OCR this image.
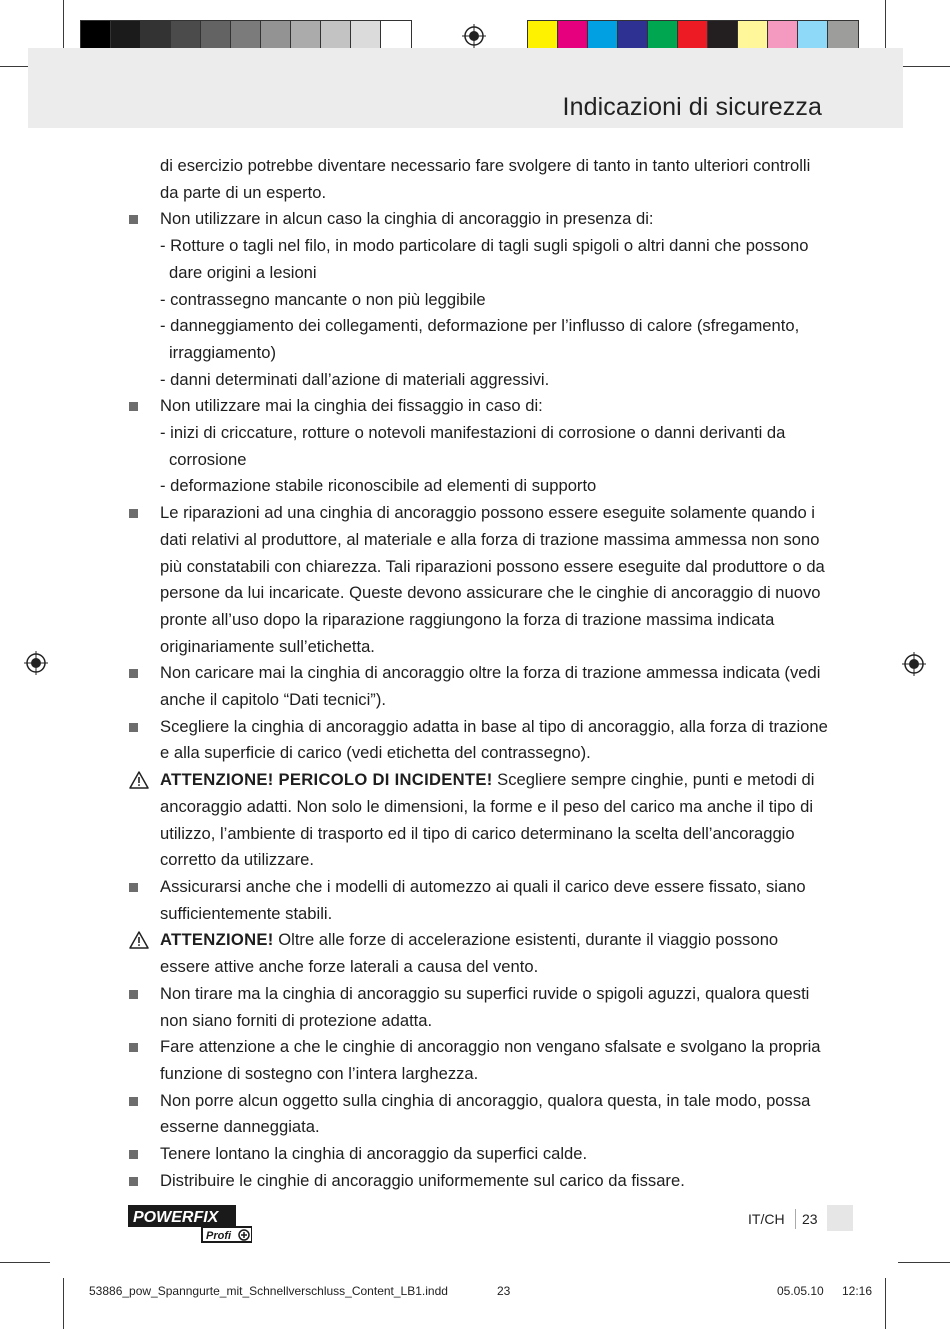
Indicazioni di sicurezza

di esercizio potrebbe diventare necessario fare svolgere di tanto in tanto ulteriori controlli da parte di un esperto.

Non utilizzare in alcun caso la cinghia di ancoraggio in presenza di:

- Rotture o tagli nel filo, in modo particolare di tagli sugli spigoli o altri danni che possono dare origini a lesioni

- contrassegno mancante o non più leggibile

- danneggiamento dei collegamenti, deformazione per l’influsso di calore (sfregamento, irraggiamento)

- danni determinati dall’azione di materiali aggressivi.

Non utilizzare mai la cinghia dei fissaggio in caso di:

- inizi di criccature, rotture o notevoli manifestazioni di corrosione o danni derivanti da corrosione

- deformazione stabile riconoscibile ad elementi di supporto

Le riparazioni ad una cinghia di ancoraggio possono essere eseguite solamente quando i dati relativi al produttore, al materiale e alla forza di trazione massima ammessa non sono più constatabili con chiarezza. Tali riparazioni possono essere eseguite dal produttore o da persone da lui incaricate. Queste devono assicurare che le cinghie di ancoraggio di nuovo pronte all’uso dopo la riparazione raggiungono la forza di trazione massima indicata originariamente sull’etichetta.
Non caricare mai la cinghia di ancoraggio oltre la forza di trazione ammessa indicata (vedi anche il capitolo “Dati tecnici”).
Scegliere la cinghia di ancoraggio adatta in base al tipo di ancoraggio, alla forza di trazione e alla superficie di carico (vedi etichetta del contrassegno).
ATTENZIONE! PERICOLO DI INCIDENTE! Scegliere sempre cinghie, punti e metodi di ancoraggio adatti. Non solo le dimensioni, la forme e il peso del carico ma anche il tipo di utilizzo, l’ambiente di trasporto ed il tipo di carico determinano la scelta dell’ancoraggio corretto da utilizzare.
Assicurarsi anche che i modelli di automezzo ai quali il carico deve essere fissato, siano sufficientemente stabili.
ATTENZIONE! Oltre alle forze di accelerazione esistenti, durante il viaggio possono essere attive anche forze laterali a causa del vento.
Non tirare ma la cinghia di ancoraggio su superfici ruvide o spigoli aguzzi, qualora questi non siano forniti di protezione adatta.
Fare attenzione a che le cinghie di ancoraggio non vengano sfalsate e svolgano la propria funzione di sostegno con l’intera larghezza.
Non porre alcun oggetto sulla cinghia di ancoraggio, qualora questa, in tale modo, possa esserne danneggiata.
Tenere lontano la cinghia di ancoraggio da superfici calde.
Distribuire le cinghie di ancoraggio uniformemente sul carico da fissare.
POWERFIX
Profi
IT/CH 23
53886_pow_Spanngurte_mit_Schnellverschluss_Content_LB1.indd	23	05.05.10 12:16
